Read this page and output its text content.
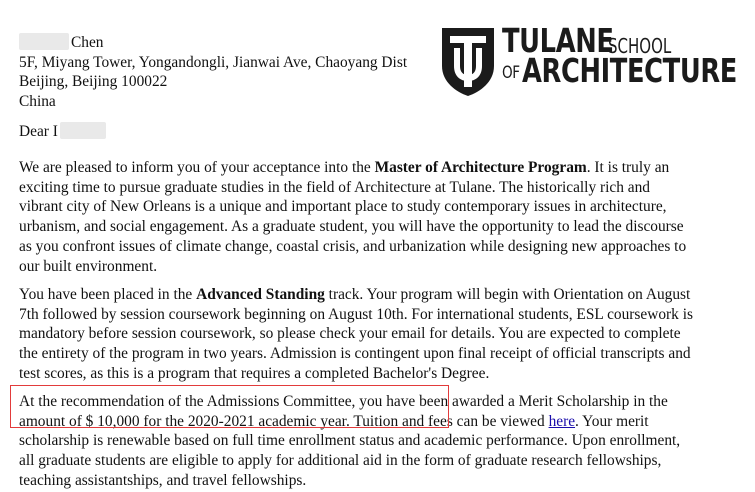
Chen
5F, Miyang Tower, Yongandongli, Jianwai Ave, Chaoyang Dist
Beijing, Beijing 100022
China
TULANE
SCHOOL
OF ARCHITECTURE
Dear I

We are pleased to inform you of your acceptance into the Master of Architecture Program. It is truly an
exciting time to pursue graduate studies in the field of Architecture at Tulane. The historically rich and
vibrant city of New Orleans is a unique and important place to study contemporary issues in architecture,
urbanism, and social engagement. As a graduate student, you will have the opportunity to lead the discourse
as you confront issues of climate change, coastal crisis, and urbanization while designing new approaches to
our built environment.

You have been placed in the Advanced Standing track. Your program will begin with Orientation on August
7th followed by session coursework beginning on August 10th. For international students, ESL coursework is
mandatory before session coursework, so please check your email for details. You are expected to complete
the entirety of the program in two years. Admission is contingent upon final receipt of official transcripts and
test scores, as this is a program that requires a completed Bachelor's Degree.

At the recommendation of the Admissions Committee, you have been awarded a Merit Scholarship in the
amount of $ 10,000 for the 2020-2021 academic year. Tuition and fees can be viewed here. Your merit
scholarship is renewable based on full time enrollment status and academic performance. Upon enrollment,
all graduate students are eligible to apply for additional aid in the form of graduate research fellowships,
teaching assistantships, and travel fellowships.
